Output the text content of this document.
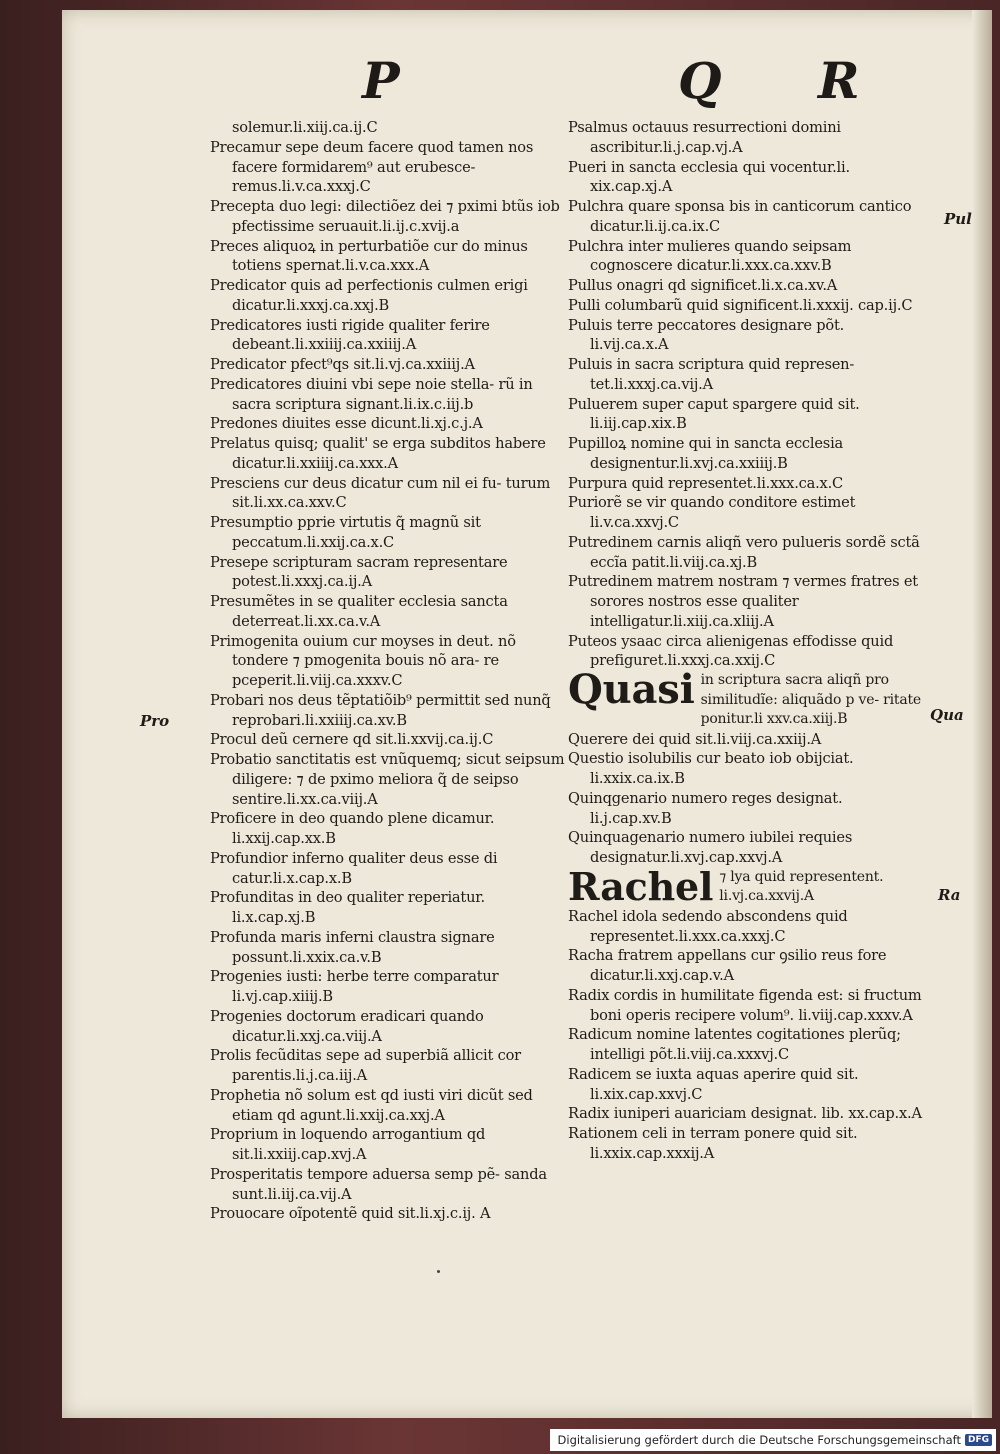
P	Q R
Pro
Pul
Qua
Ra
solemur.li.xiij.ca.ij.C
Precamur sepe deum facere quod tamen nos facere formidarem⁹ aut erubesce- remus.li.v.ca.xxxj.C
Precepta duo legi: dilectiõez dei ⁊ pximi btũs iob pfectissime seruauit.li.ij.c.xvij.a
Preces aliquoꝝ in perturbatiõe cur do minus totiens spernat.li.v.ca.xxx.A
Predicator quis ad perfectionis culmen erigi dicatur.li.xxxj.ca.xxj.B
Predicatores iusti rigide qualiter ferire debeant.li.xxiiij.ca.xxiiij.A
Predicator pfect⁹qs sit.li.vj.ca.xxiiij.A
Predicatores diuini vbi sepe noie stella- rũ in sacra scriptura signant.li.ix.c.iij.b
Predones diuites esse dicunt.li.xj.c.j.A
Prelatus quisq; qualit' se erga subditos habere dicatur.li.xxiiij.ca.xxx.A
Presciens cur deus dicatur cum nil ei fu- turum sit.li.xx.ca.xxv.C
Presumptio pprie virtutis q̃ magnũ sit peccatum.li.xxij.ca.x.C
Presepe scripturam sacram representare potest.li.xxxj.ca.ij.A
Presumẽtes in se qualiter ecclesia sancta deterreat.li.xx.ca.v.A
Primogenita ouium cur moyses in deut. nõ tondere ⁊ pmogenita bouis nõ ara- re pceperit.li.viij.ca.xxxv.C
Probari nos deus tẽptatiõib⁹ permittit sed nunq̃ reprobari.li.xxiiij.ca.xv.B
Procul deũ cernere qd sit.li.xxvij.ca.ij.C
Probatio sanctitatis est vnũquemq; sicut seipsum diligere: ⁊ de pximo meliora q̃ de seipso sentire.li.xx.ca.viij.A
Proficere in deo quando plene dicamur. li.xxij.cap.xx.B
Profundior inferno qualiter deus esse di catur.li.x.cap.x.B
Profunditas in deo qualiter reperiatur. li.x.cap.xj.B
Profunda maris inferni claustra signare possunt.li.xxix.ca.v.B
Progenies iusti: herbe terre comparatur li.vj.cap.xiiij.B
Progenies doctorum eradicari quando dicatur.li.xxj.ca.viij.A
Prolis fecũditas sepe ad superbiã allicit cor parentis.li.j.ca.iij.A
Prophetia nõ solum est qd iusti viri dicũt sed etiam qd agunt.li.xxij.ca.xxj.A
Proprium in loquendo arrogantium qd sit.li.xxiij.cap.xvj.A
Prosperitatis tempore aduersa semp pẽ- sanda sunt.li.iij.ca.vij.A
Prouocare oĩpotentẽ quid sit.li.xj.c.ij. A
Psalmus octauus resurrectioni domini ascribitur.li.j.cap.vj.A
Pueri in sancta ecclesia qui vocentur.li. xix.cap.xj.A
Pulchra quare sponsa bis in canticorum cantico dicatur.li.ij.ca.ix.C
Pulchra inter mulieres quando seipsam cognoscere dicatur.li.xxx.ca.xxv.B
Pullus onagri qd significet.li.x.ca.xv.A
Pulli columbarũ quid significent.li.xxxij. cap.ij.C
Puluis terre peccatores designare põt. li.vij.ca.x.A
Puluis in sacra scriptura quid represen- tet.li.xxxj.ca.vij.A
Puluerem super caput spargere quid sit. li.iij.cap.xix.B
Pupilloꝝ nomine qui in sancta ecclesia designentur.li.xvj.ca.xxiiij.B
Purpura quid representet.li.xxx.ca.x.C
Puriorẽ se vir quando conditore estimet li.v.ca.xxvj.C
Putredinem carnis aliqñ vero pulueris sordẽ sctã eccĩa patit.li.viij.ca.xj.B
Putredinem matrem nostram ⁊ vermes fratres et sorores nostros esse qualiter intelligatur.li.xiij.ca.xliij.A
Puteos ysaac circa alienigenas effodisse quid prefiguret.li.xxxj.ca.xxij.C
Quasi in scriptura sacra aliqñ pro similitudĩe: aliquãdo p ve- ritate ponitur.li xxv.ca.xiij.B
Querere dei quid sit.li.viij.ca.xxiij.A
Questio isolubilis cur beato iob obijciat. li.xxix.ca.ix.B
Quinqgenario numero reges designat. li.j.cap.xv.B
Quinquagenario numero iubilei requies designatur.li.xvj.cap.xxvj.A
Rachel ⁊ lya quid representent. li.vj.ca.xxvij.A
Rachel idola sedendo abscondens quid representet.li.xxx.ca.xxxj.C
Racha fratrem appellans cur ꝯsilio reus fore dicatur.li.xxj.cap.v.A
Radix cordis in humilitate figenda est: si fructum boni operis recipere volum⁹. li.viij.cap.xxxv.A
Radicum nomine latentes cogitationes plerũq; intelligi põt.li.viij.ca.xxxvj.C
Radicem se iuxta aquas aperire quid sit. li.xix.cap.xxvj.C
Radix iuniperi auariciam designat. lib. xx.cap.x.A
Rationem celi in terram ponere quid sit. li.xxix.cap.xxxij.A
Digitalisierung gefördert durch die Deutsche Forschungsgemeinschaft DFG
